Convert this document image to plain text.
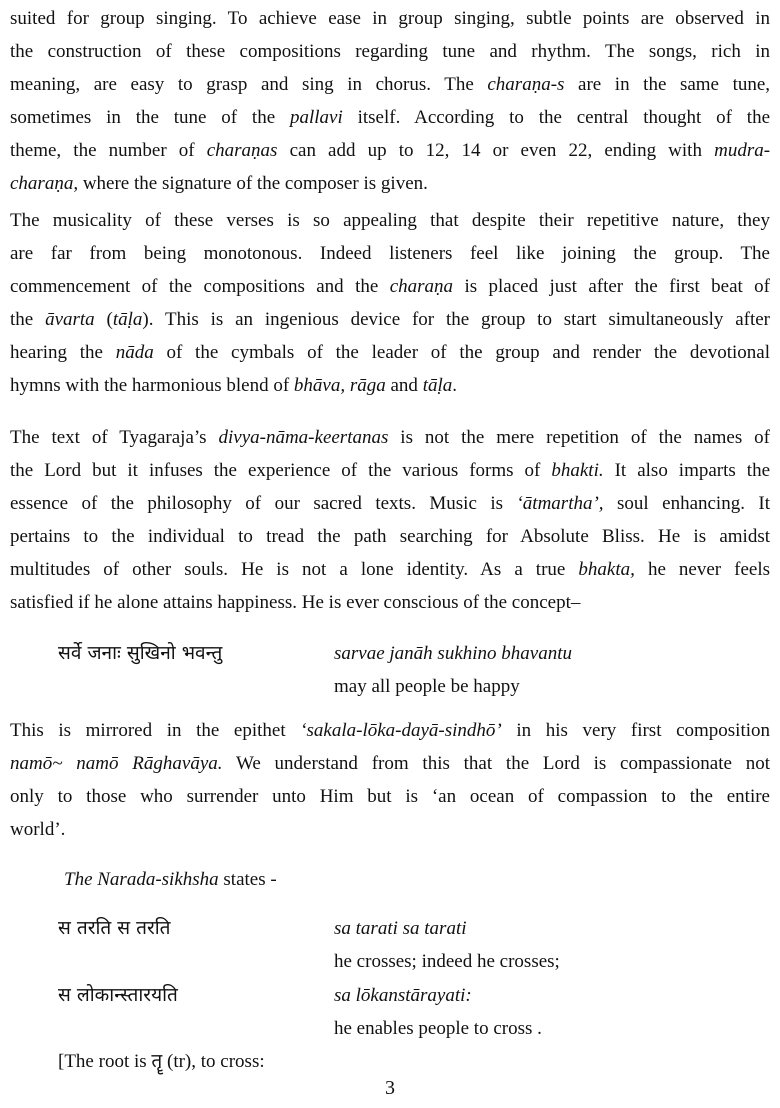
suited for group singing. To achieve ease in group singing, subtle points are observed in
the construction of these compositions regarding tune and rhythm. The songs, rich in
meaning, are easy to grasp and sing in chorus. The charaṇa-s are in the same tune,
sometimes in the tune of the pallavi itself. According to the central thought of the
theme, the number of charaṇas can add up to 12, 14 or even 22, ending with mudra-
charaṇa, where the signature of the composer is given.
The musicality of these verses is so appealing that despite their repetitive nature, they
are far from being monotonous. Indeed listeners feel like joining the group. The
commencement of the compositions and the charaṇa is placed just after the first beat of
the āvarta (tāḷa). This is an ingenious device for the group to start simultaneously after
hearing the nāda of the cymbals of the leader of the group and render the devotional
hymns with the harmonious blend of bhāva, rāga and tāḷa.
The text of Tyagaraja’s divya-nāma-keertanas is not the mere repetition of the names of
the Lord but it infuses the experience of the various forms of bhakti. It also imparts the
essence of the philosophy of our sacred texts. Music is ‘ātmartha’, soul enhancing. It
pertains to the individual to tread the path searching for Absolute Bliss. He is amidst
multitudes of other souls. He is not a lone identity. As a true bhakta, he never feels
satisfied if he alone attains happiness. He is ever conscious of the concept–
सर्वे जनाः सुखिनो भवन्तु	sarvae janāh sukhino bhavantu
may all people be happy
This is mirrored in the epithet ‘sakala-lōka-dayā-sindhō’ in his very first composition
namō~ namō Rāghavāya. We understand from this that the Lord is compassionate not
only to those who surrender unto Him but is ‘an ocean of compassion to the entire
world’.
The Narada-sikhsha states -
स तरति स तरति	sa tarati sa tarati
he crosses; indeed he crosses;
स लोकान्स्तारयति	sa lōkanstārayati:
he enables people to cross .
[The root is तॄ (tr), to cross:
3
